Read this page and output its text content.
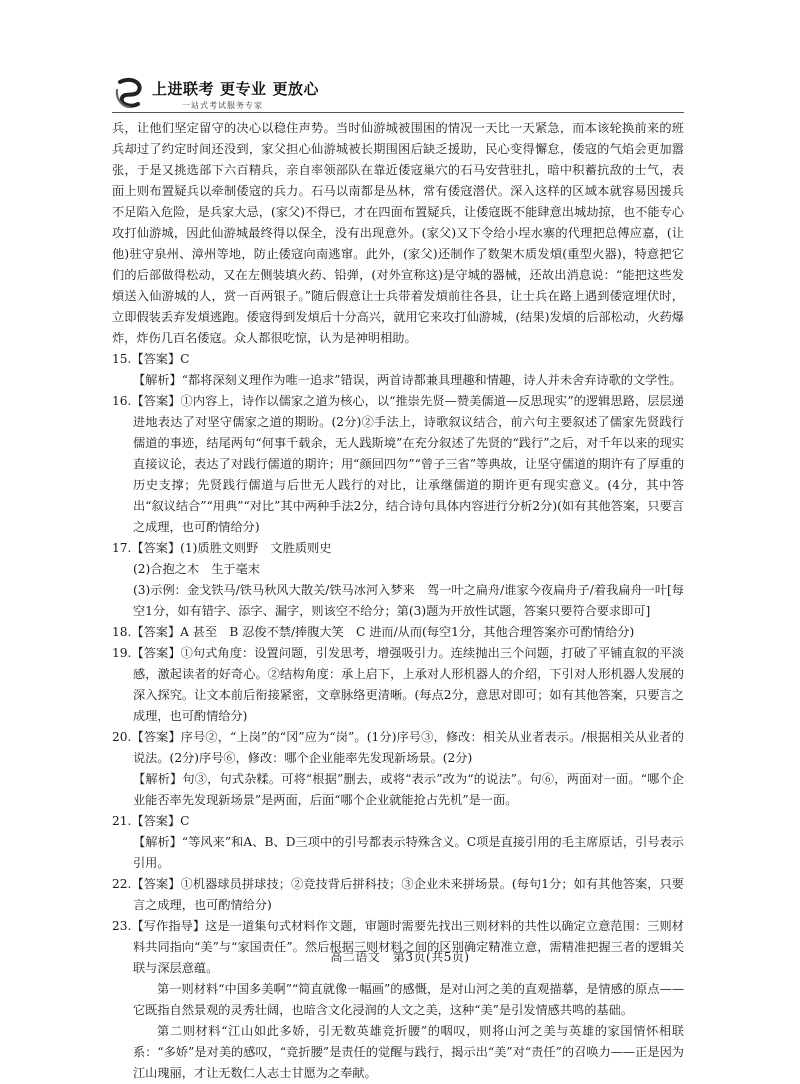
上进联考 更专业 更放心
一站式考试服务专家

兵，让他们坚定留守的决心以稳住声势。当时仙游城被围困的情况一天比一天紧急，而本该轮换前来的班兵却过了约定时间还没到，家父担心仙游城被长期围困后缺乏援助，民心变得懈怠，倭寇的气焰会更加嚣张，于是又挑选部下六百精兵，亲自率领部队在靠近倭寇巢穴的石马安营驻扎，暗中积蓄抗敌的士气，表面上则布置疑兵以牵制倭寇的兵力。石马以南都是丛林，常有倭寇潜伏。深入这样的区域本就容易因援兵不足陷入危险，是兵家大忌，(家父)不得已，才在四面布置疑兵，让倭寇既不能肆意出城劫掠，也不能专心攻打仙游城，因此仙游城最终得以保全，没有出现意外。(家父)又下令给小埕水寨的代理把总傅应嘉，(让他)驻守泉州、漳州等地，防止倭寇向南逃窜。此外，(家父)还制作了数架木质发熕(重型火器)，特意把它们的后部做得松动，又在左侧装填火药、铅弹，(对外宣称这)是守城的器械，还故出消息说：“能把这些发熕送入仙游城的人，赏一百两银子。”随后假意让士兵带着发熕前往各县，让士兵在路上遇到倭寇埋伏时，立即假装丢弃发熕逃跑。倭寇得到发熕后十分高兴，就用它来攻打仙游城，(结果)发熕的后部松动，火药爆炸，炸伤几百名倭寇。众人都很吃惊，认为是神明相助。

15.【答案】C

【解析】“都将深刻义理作为唯一追求”错误，两首诗都兼具理趣和情趣，诗人并未舍弃诗歌的文学性。

16.【答案】①内容上，诗作以儒家之道为核心，以“推崇先贤—赞美儒道—反思现实”的逻辑思路，层层递进地表达了对坚守儒家之道的期盼。(2分)②手法上，诗歌叙议结合，前六句主要叙述了儒家先贤践行儒道的事迹，结尾两句“何事千载余，无人践斯境”在充分叙述了先贤的“践行”之后，对千年以来的现实直接议论，表达了对践行儒道的期许；用“颜回四勿”“曾子三省”等典故，让坚守儒道的期许有了厚重的历史支撑；先贤践行儒道与后世无人践行的对比，让承继儒道的期许更有现实意义。(4分，其中答出“叙议结合”“用典”“对比”其中两种手法2分，结合诗句具体内容进行分析2分)(如有其他答案，只要言之成理，也可酌情给分)

17.【答案】(1)质胜文则野　文胜质则史

(2)合抱之木　生于毫末

(3)示例：金戈铁马/铁马秋风大散关/铁马冰河入梦来　驾一叶之扁舟/谁家今夜扁舟子/着我扁舟一叶[每空1分，如有错字、添字、漏字，则该空不给分；第(3)题为开放性试题，答案只要符合要求即可]

18.【答案】A 甚至　B 忍俊不禁/捧腹大笑　C 进而/从而(每空1分，其他合理答案亦可酌情给分)

19.【答案】①句式角度：设置问题，引发思考，增强吸引力。连续抛出三个问题，打破了平铺直叙的平淡感，激起读者的好奇心。②结构角度：承上启下，上承对人形机器人的介绍，下引对人形机器人发展的深入探究。让文本前后衔接紧密，文章脉络更清晰。(每点2分，意思对即可；如有其他答案，只要言之成理，也可酌情给分)

20.【答案】序号②，“上岗”的“冈”应为“岗”。(1分)序号③，修改：相关从业者表示。/根据相关从业者的说法。(2分)序号⑥，修改：哪个企业能率先发现新场景。(2分)

【解析】句③，句式杂糅。可将“根据”删去，或将“表示”改为“的说法”。句⑥，两面对一面。“哪个企业能否率先发现新场景”是两面，后面“哪个企业就能抢占先机”是一面。

21.【答案】C

【解析】“等风来”和A、B、D三项中的引号都表示特殊含义。C项是直接引用的毛主席原话，引号表示引用。

22.【答案】①机器球员拼球技；②竞技背后拼科技；③企业未来拼场景。(每句1分；如有其他答案，只要言之成理，也可酌情给分)

23.【写作指导】这是一道集句式材料作文题，审题时需要先找出三则材料的共性以确定立意范围：三则材料共同指向“美”与“家国责任”。然后根据三则材料之间的区别确定精准立意，需精准把握三者的逻辑关联与深层意蕴。

第一则材料“中国多美啊”“简直就像一幅画”的感慨，是对山河之美的直观描摹，是情感的原点——它既指自然景观的灵秀壮阔，也暗含文化浸润的人文之美，这种“美”是引发情感共鸣的基础。

第二则材料“江山如此多娇，引无数英雄竞折腰”的咽叹，则将山河之美与英雄的家国情怀相联系：“多娇”是对美的感叹，“竞折腰”是责任的觉醒与践行，揭示出“美”对“责任”的召唤力——正是因为江山瑰丽，才让无数仁人志士甘愿为之奉献。

高二语文　第3页(共5页)
